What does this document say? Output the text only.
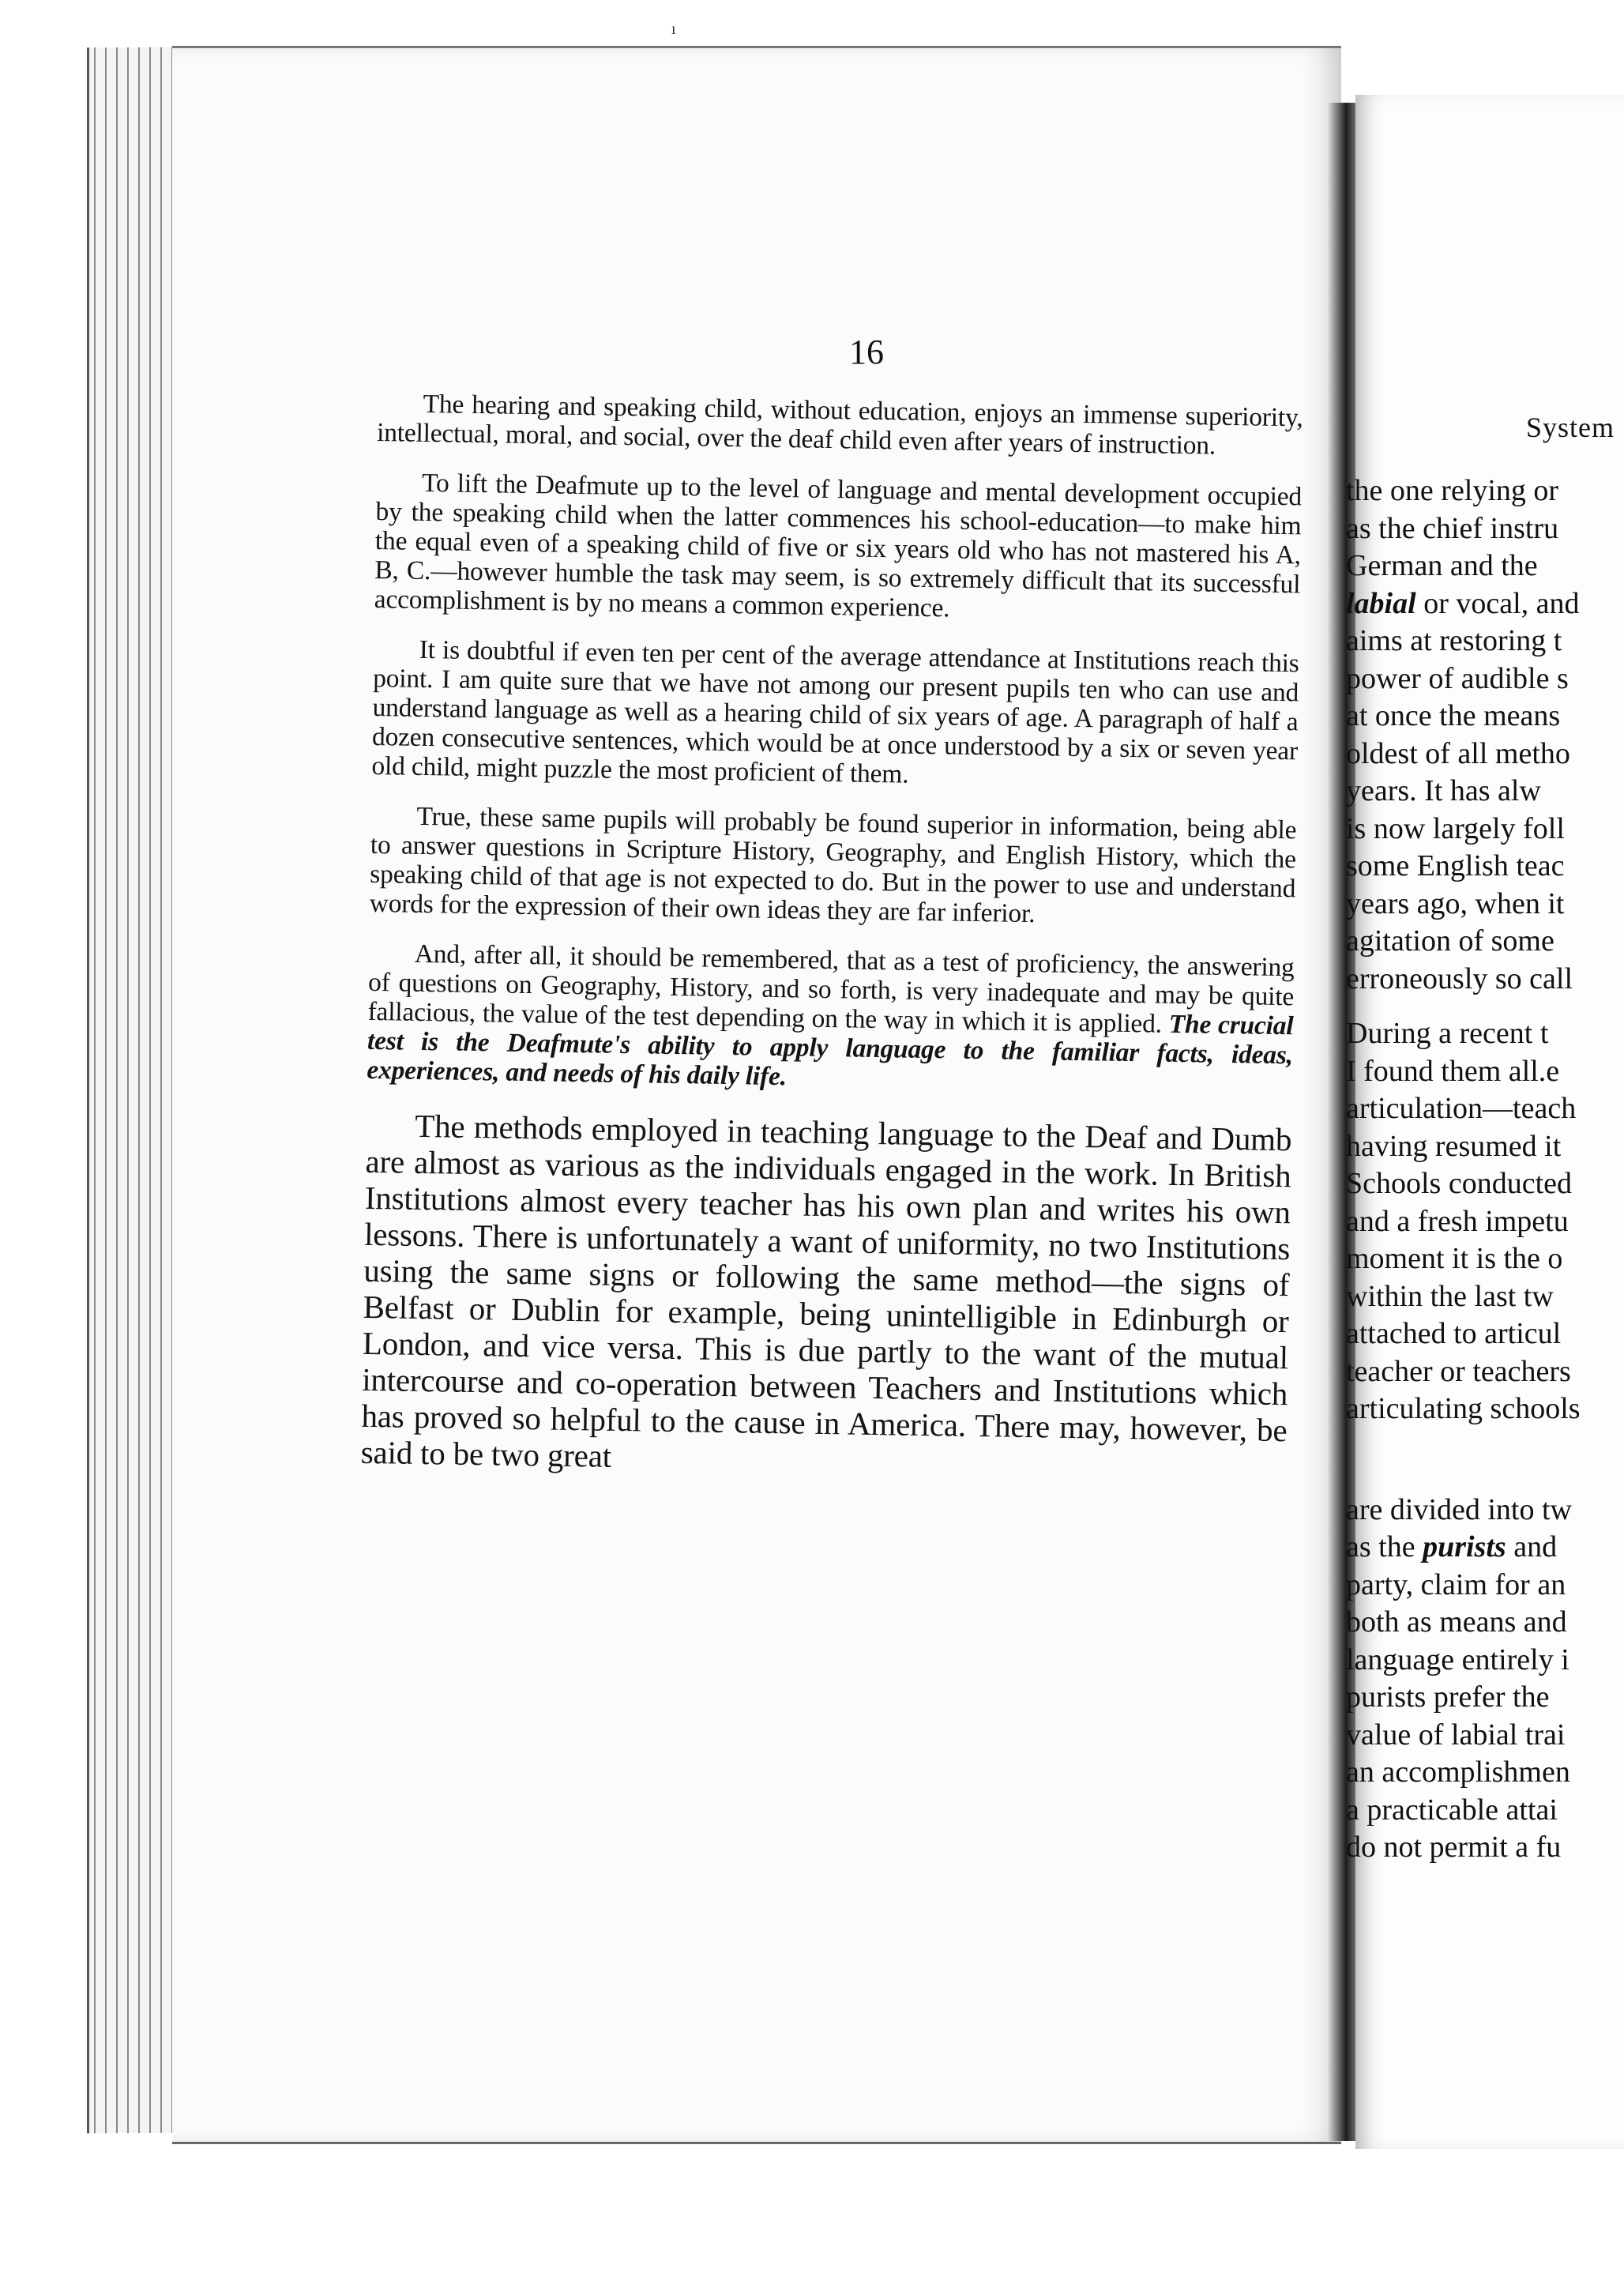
ı
16

The hearing and speaking child, without education, enjoys an immense superiority, intellectual, moral, and social, over the deaf child even after years of instruction.

To lift the Deafmute up to the level of language and mental development occupied by the speaking child when the latter commences his school-education—to make him the equal even of a speaking child of five or six years old who has not mastered his A, B, C.—however humble the task may seem, is so extremely difficult that its successful accomplishment is by no means a common experience.

It is doubtful if even ten per cent of the average attendance at Institutions reach this point. I am quite sure that we have not among our present pupils ten who can use and understand language as well as a hearing child of six years of age. A paragraph of half a dozen consecutive sentences, which would be at once understood by a six or seven year old child, might puzzle the most proficient of them.

True, these same pupils will probably be found superior in information, being able to answer questions in Scripture History, Geography, and English History, which the speaking child of that age is not expected to do. But in the power to use and understand words for the expression of their own ideas they are far inferior.

And, after all, it should be remembered, that as a test of proficiency, the answering of questions on Geography, History, and so forth, is very inadequate and may be quite fallacious, the value of the test depending on the way in which it is applied. The crucial test is the Deafmute's ability to apply language to the familiar facts, ideas, experiences, and needs of his daily life.

The methods employed in teaching language to the Deaf and Dumb are almost as various as the individuals engaged in the work. In British Institutions almost every teacher has his own plan and writes his own lessons. There is unfortunately a want of uniformity, no two Institutions using the same signs or following the same method—the signs of Belfast or Dublin for example, being unintelligible in Edinburgh or London, and vice versa. This is due partly to the want of the mutual intercourse and co-operation between Teachers and Institutions which has proved so helpful to the cause in America. There may, however, be said to be two great

System
the one relying or
as the chief instru
German and the
labial or vocal, and
aims at restoring t
power of audible s
at once the means
oldest of all metho
years. It has alw
is now largely foll
some English teac
years ago, when it
agitation of some
erroneously so call
During a recent t
I found them all.e
articulation—teach
having resumed it
Schools conducted
and a fresh impetu
moment it is the o
within the last tw
attached to articul
teacher or teachers
articulating schools
are divided into tw
as the purists and
party, claim for an
both as means and
language entirely i
purists prefer the
value of labial trai
an accomplishmen
a practicable attai
do not permit a fu
